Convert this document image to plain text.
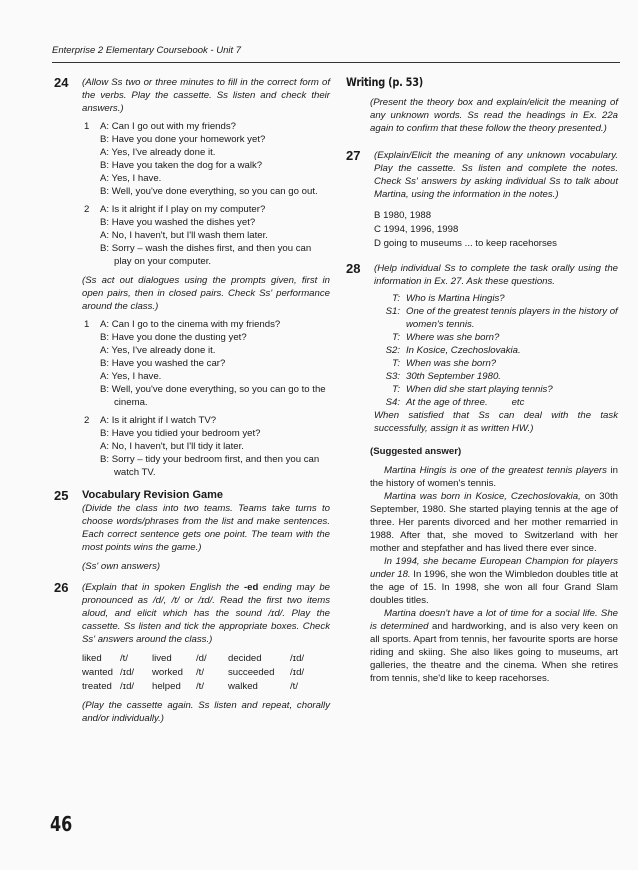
Enterprise 2 Elementary Coursebook - Unit 7
24 (Allow Ss two or three minutes to fill in the correct form of the verbs. Play the cassette. Ss listen and check their answers.)

1 A: Can I go out with my friends?
B: Have you done your homework yet?
A: Yes, I've already done it.
B: Have you taken the dog for a walk?
A: Yes, I have.
B: Well, you've done everything, so you can go out.
2 A: Is it alright if I play on my computer?
B: Have you washed the dishes yet?
A: No, I haven't, but I'll wash them later.
B: Sorry – wash the dishes first, and then you can play on your computer.

(Ss act out dialogues using the prompts given, first in open pairs, then in closed pairs. Check Ss' performance around the class.)

1 A: Can I go to the cinema with my friends?
B: Have you done the dusting yet?
A: Yes, I've already done it.
B: Have you washed the car?
A: Yes, I have.
B: Well, you've done everything, so you can go to the cinema.
2 A: Is it alright if I watch TV?
B: Have you tidied your bedroom yet?
A: No, I haven't, but I'll tidy it later.
B: Sorry – tidy your bedroom first, and then you can watch TV.
25 Vocabulary Revision Game

(Divide the class into two teams. Teams take turns to choose words/phrases from the list and make sentences. Each correct sentence gets one point. The team with the most points wins the game.)

(Ss' own answers)

26 (Explain that in spoken English the -ed ending may be pronounced as /d/, /t/ or /ɪd/. Read the first two items aloud, and elicit which has the sound /ɪd/. Play the cassette. Ss listen and tick the appropriate boxes. Check Ss' answers around the class.)

liked	/t/	lived	/d/	decided	/ɪd/
wanted /ɪd/	worked	/t/	succeeded	/ɪd/
treated /ɪd/	helped	/t/	walked	/t/

(Play the cassette again. Ss listen and repeat, chorally and/or individually.)

Writing (p. 53)

(Present the theory box and explain/elicit the meaning of any unknown words. Ss read the headings in Ex. 22a again to confirm that these follow the theory presented.)

27 (Explain/Elicit the meaning of any unknown vocabulary. Play the cassette. Ss listen and complete the notes. Check Ss' answers by asking individual Ss to talk about Martina, using the information in the notes.)

B 1980, 1988
C 1994, 1996, 1998
D going to museums ... to keep racehorses
28 (Help individual Ss to complete the task orally using the information in Ex. 27. Ask these questions.

T: Who is Martina Hingis?
S1: One of the greatest tennis players in the history of women's tennis.
T: Where was she born?
S2: In Kosice, Czechoslovakia.
T: When was she born?
S3: 30th September 1980.
T: When did she start playing tennis?
S4: At the age of three.         etc

When satisfied that Ss can deal with the task successfully, assign it as written HW.)

(Suggested answer)

Martina Hingis is one of the greatest tennis players in the history of women's tennis.

Martina was born in Kosice, Czechoslovakia, on 30th September, 1980. She started playing tennis at the age of three. Her parents divorced and her mother remarried in 1988. After that, she moved to Switzerland with her mother and stepfather and has lived there ever since.

In 1994, she became European Champion for players under 18. In 1996, she won the Wimbledon doubles title at the age of 15. In 1998, she won all four Grand Slam doubles titles.

Martina doesn't have a lot of time for a social life. She is determined and hardworking, and is also very keen on all sports. Apart from tennis, her favourite sports are horse riding and skiing. She also likes going to museums, art galleries, the theatre and the cinema. When she retires from tennis, she'd like to keep racehorses.

46
